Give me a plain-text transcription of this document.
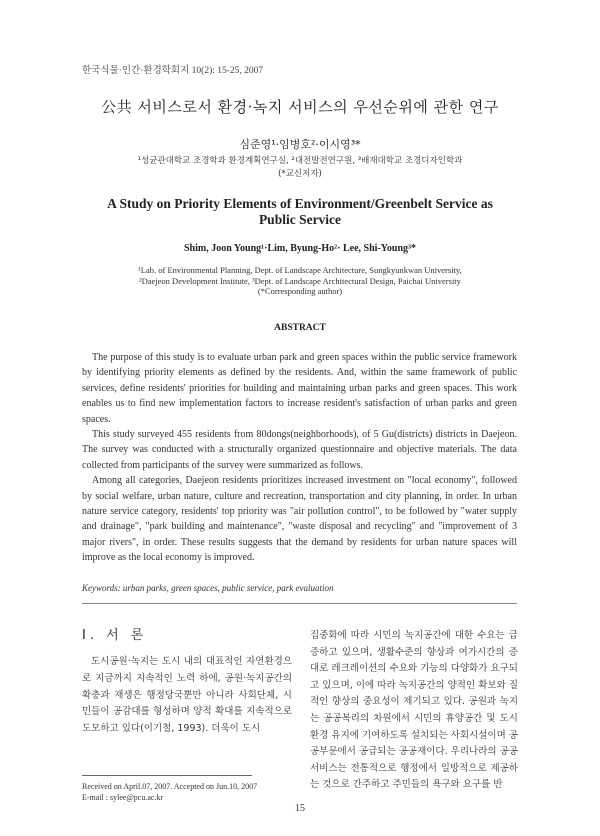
한국식물·인간·환경학회지 10(2): 15-25, 2007
公共 서비스로서 환경·녹지 서비스의 우선순위에 관한 연구
심준영¹·임병호²·이시영³*
¹성균관대학교 조경학과 환경계획연구실, ²대전발전연구원, ³배재대학교 조경디자인학과
(*교신저자)
A Study on Priority Elements of Environment/Greenbelt Service as Public Service
Shim, Joon Young¹·Lim, Byung-Ho²· Lee, Shi-Young³*
¹Lab. of Environmental Planning, Dept. of Landscape Architecture, Sungkyunkwan University,
²Daejeon Development Institute, ³Dept. of Landscape Architectural Design, Paichai University
(*Corresponding author)
ABSTRACT

The purpose of this study is to evaluate urban park and green spaces within the public service framework by identifying priority elements as defined by the residents. And, within the same framework of public services, define residents' priorities for building and maintaining urban parks and green spaces. This work enables us to find new implementation factors to increase resident's satisfaction of urban parks and green spaces.

This study surveyed 455 residents from 80dongs(neighborhoods), of 5 Gu(districts) districts in Daejeon. The survey was conducted with a structurally organized questionnaire and objective materials. The data collected from participants of the survey were summarized as follows.

Among all categories, Daejeon residents prioritizes increased investment on "local economy", followed by social welfare, urban nature, culture and recreation, transportation and city planning, in order. In urban nature service category, residents' top priority was "air pollution control", to be followed by "water supply and drainage", "park building and maintenance", "waste disposal and recycling" and "improvement of 3 major rivers", in order. These results suggests that the demand by residents for urban nature spaces will improve as the local economy is improved.

Keywords: urban parks, green spaces, public service, park evaluation
Ⅰ. 서 론

도시공원·녹지는 도시 내의 대표적인 자연환경으로 지금까지 지속적인 노력 하에, 공원·녹지공간의 확충과 재생은 행정당국뿐만 아니라 사회단체, 시민들이 공감대를 형성하며 양적 확대를 지속적으로 도모하고 있다(이기철, 1993). 더욱이 도시

집중화에 따라 시민의 녹지공간에 대한 수요는 급증하고 있으며, 생활수준의 향상과 여가시간의 증대로 레크레이션의 수요와 기능의 다양화가 요구되고 있으며, 이에 따라 녹지공간의 양적인 확보와 질적인 향상의 중요성이 제기되고 있다. 공원과 녹지는 공공복리의 차원에서 시민의 휴양공간 및 도시환경 유지에 기여하도록 설치되는 사회시설이며 공공부문에서 공급되는 공공재이다. 우리나라의 공공서비스는 전통적으로 행정에서 일방적으로 제공하는 것으로 간주하고 주민들의 욕구와 요구를 반

Received on April.07, 2007. Accepted on Jun.10, 2007
E-mail : sylee@pcu.ac.kr
15
